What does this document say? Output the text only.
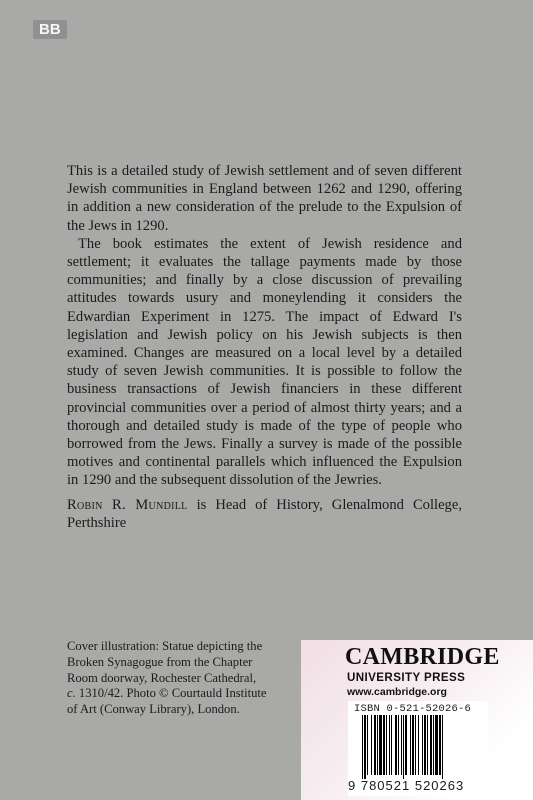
BB

This is a detailed study of Jewish settlement and of seven different Jewish communities in England between 1262 and 1290, offering in addition a new consideration of the prelude to the Expulsion of the Jews in 1290.

The book estimates the extent of Jewish residence and settlement; it evaluates the tallage payments made by those communities; and finally by a close discussion of prevailing attitudes towards usury and moneylending it considers the Edwardian Experiment in 1275. The impact of Edward I's legislation and Jewish policy on his Jewish subjects is then examined. Changes are measured on a local level by a detailed study of seven Jewish communities. It is possible to follow the business transactions of Jewish financiers in these different provincial communities over a period of almost thirty years; and a thorough and detailed study is made of the type of people who borrowed from the Jews. Finally a survey is made of the possible motives and continental parallels which influenced the Expulsion in 1290 and the subsequent dissolution of the Jewries.

Robin R. Mundill is Head of History, Glenalmond College, Perthshire

Cover illustration: Statue depicting the Broken Synagogue from the Chapter Room doorway, Rochester Cathedral, c. 1310/42. Photo © Courtauld Institute of Art (Conway Library), London.
CAMBRIDGE
UNIVERSITY PRESS
www.cambridge.org
ISBN 0-521-52026-6
9 780521 520263
